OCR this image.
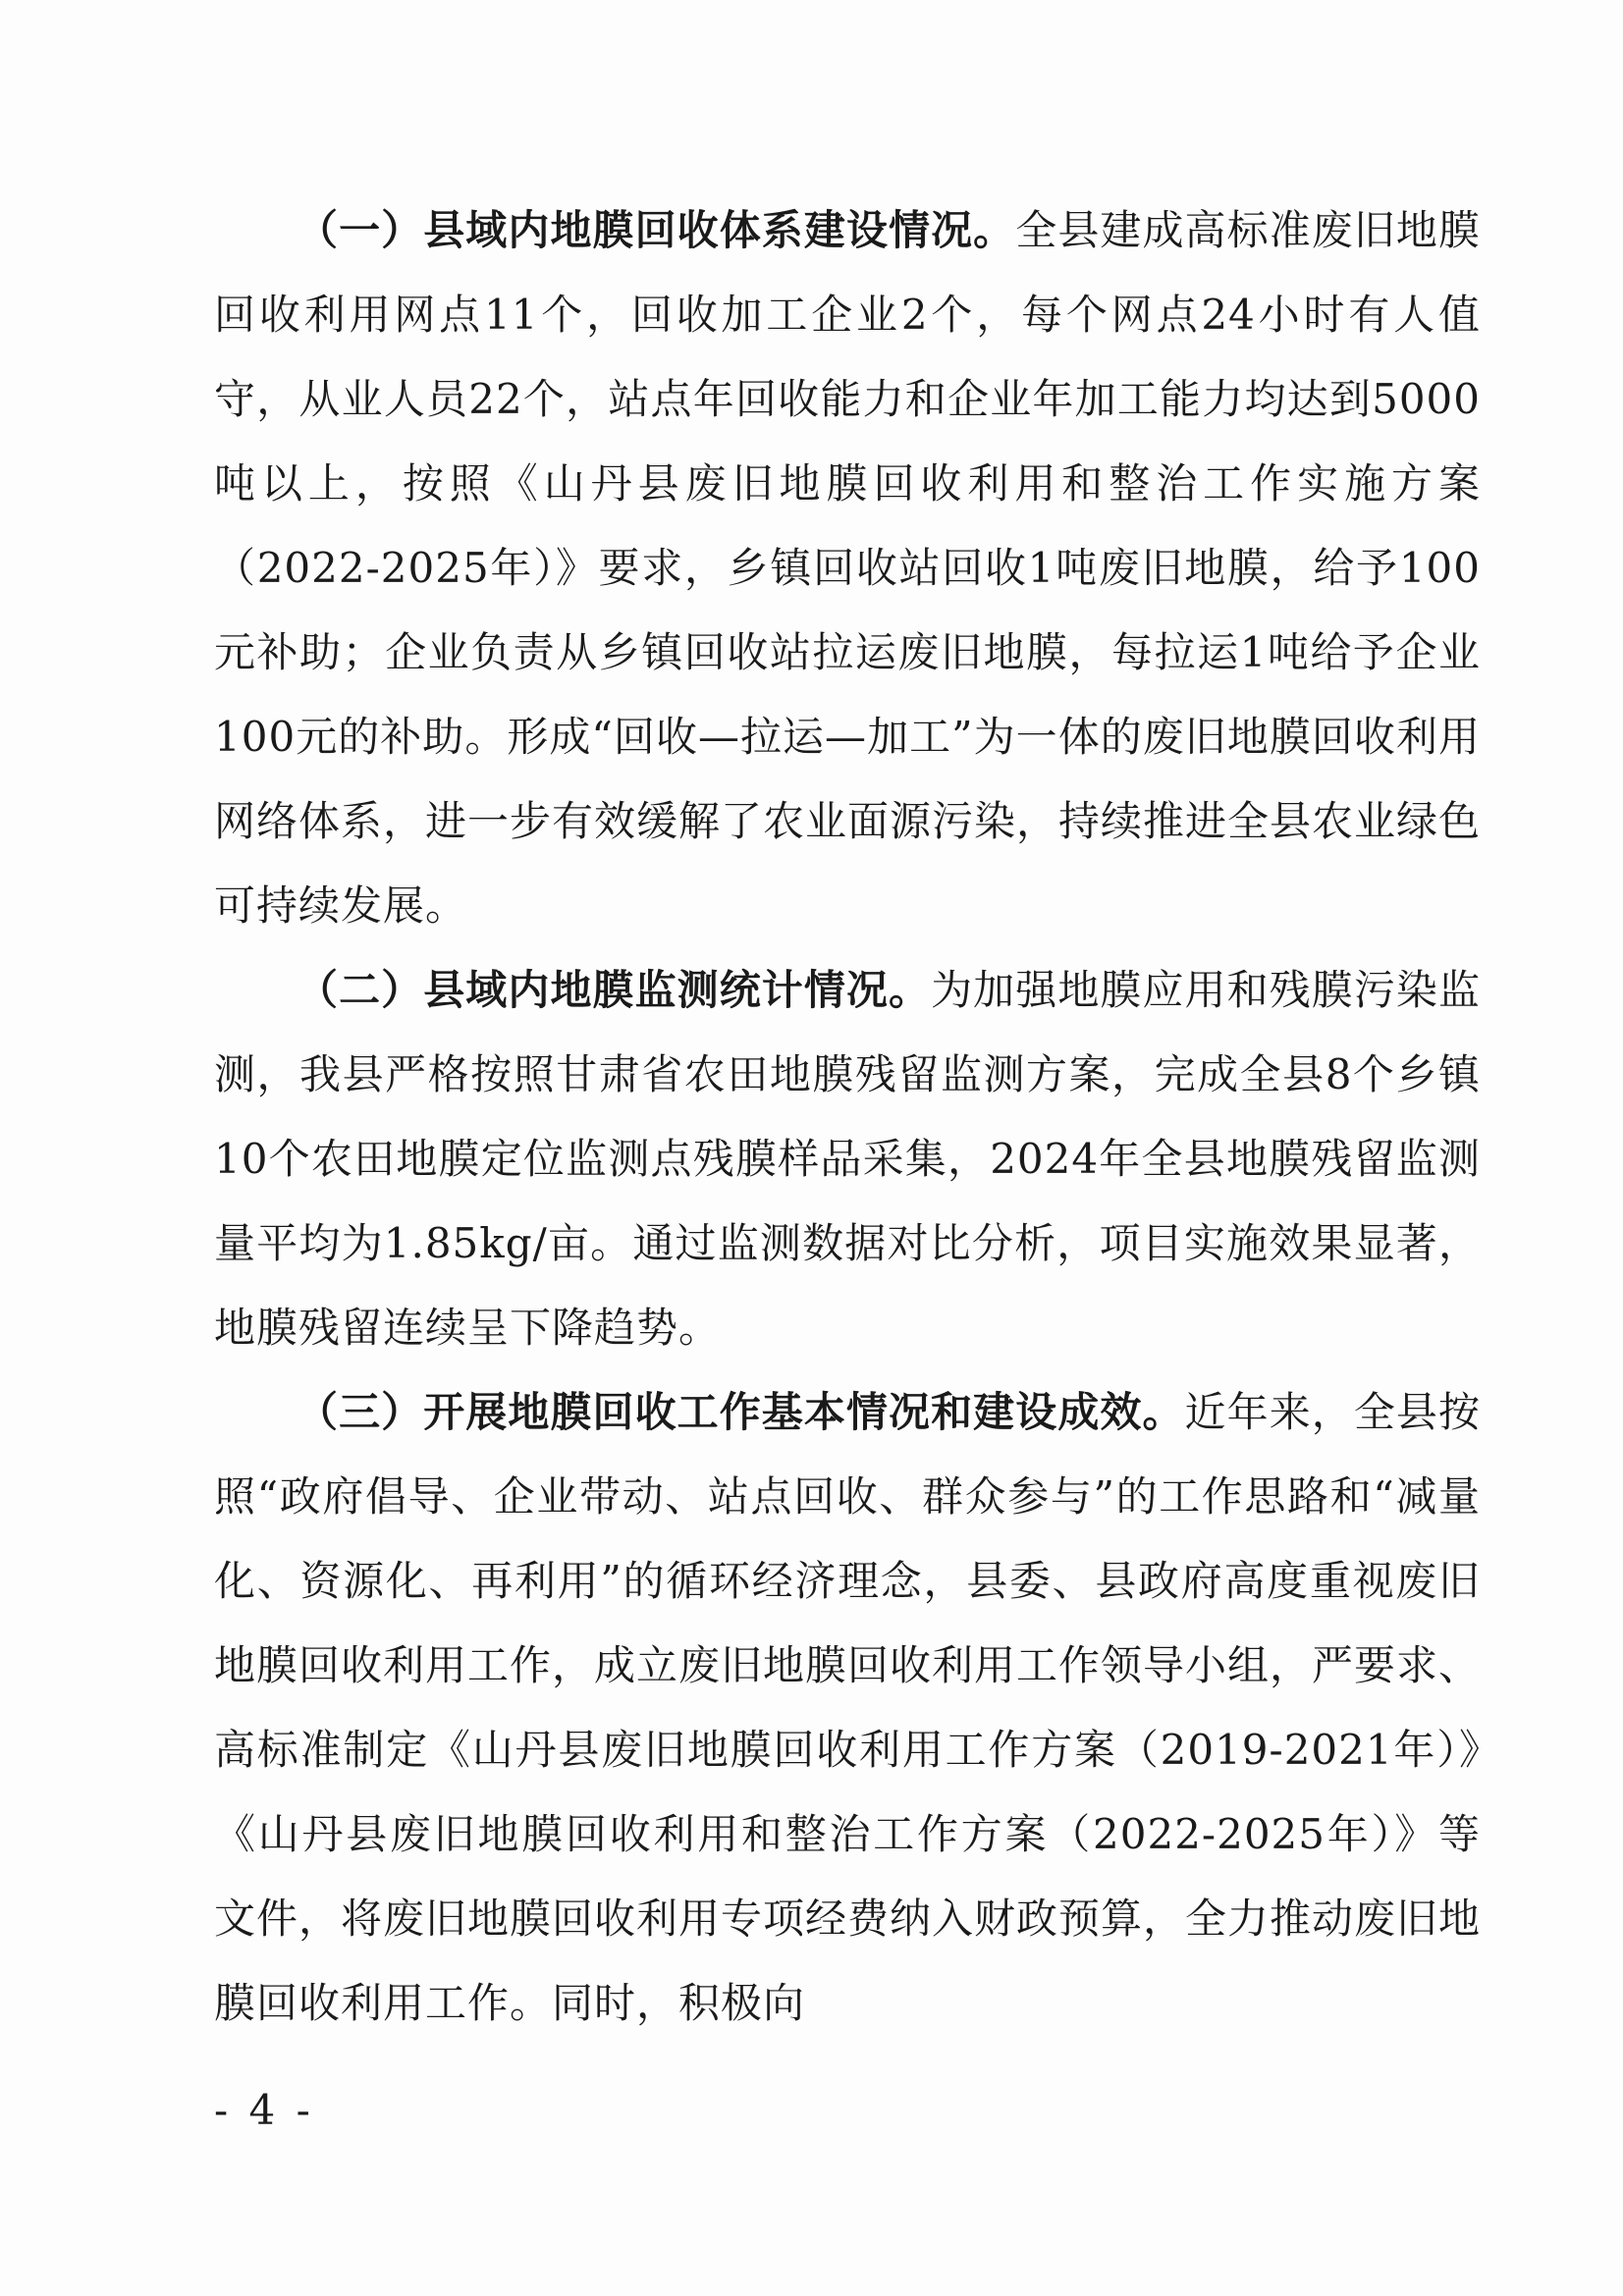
（一）县域内地膜回收体系建设情况。全县建成高标准废旧地膜回收利用网点11个，回收加工企业2个，每个网点24小时有人值守，从业人员22个，站点年回收能力和企业年加工能力均达到5000吨以上，按照《山丹县废旧地膜回收利用和整治工作实施方案（2022-2025年）》要求，乡镇回收站回收1吨废旧地膜，给予100元补助；企业负责从乡镇回收站拉运废旧地膜，每拉运1吨给予企业100元的补助。形成“回收—拉运—加工”为一体的废旧地膜回收利用网络体系，进一步有效缓解了农业面源污染，持续推进全县农业绿色可持续发展。

（二）县域内地膜监测统计情况。为加强地膜应用和残膜污染监测，我县严格按照甘肃省农田地膜残留监测方案，完成全县8个乡镇10个农田地膜定位监测点残膜样品采集，2024年全县地膜残留监测量平均为1.85kg/亩。通过监测数据对比分析，项目实施效果显著，地膜残留连续呈下降趋势。

（三）开展地膜回收工作基本情况和建设成效。近年来，全县按照“政府倡导、企业带动、站点回收、群众参与”的工作思路和“减量化、资源化、再利用”的循环经济理念，县委、县政府高度重视废旧地膜回收利用工作，成立废旧地膜回收利用工作领导小组，严要求、高标准制定《山丹县废旧地膜回收利用工作方案（2019-2021年）》《山丹县废旧地膜回收利用和整治工作方案（2022-2025年）》等文件，将废旧地膜回收利用专项经费纳入财政预算，全力推动废旧地膜回收利用工作。同时，积极向

- 4 -
